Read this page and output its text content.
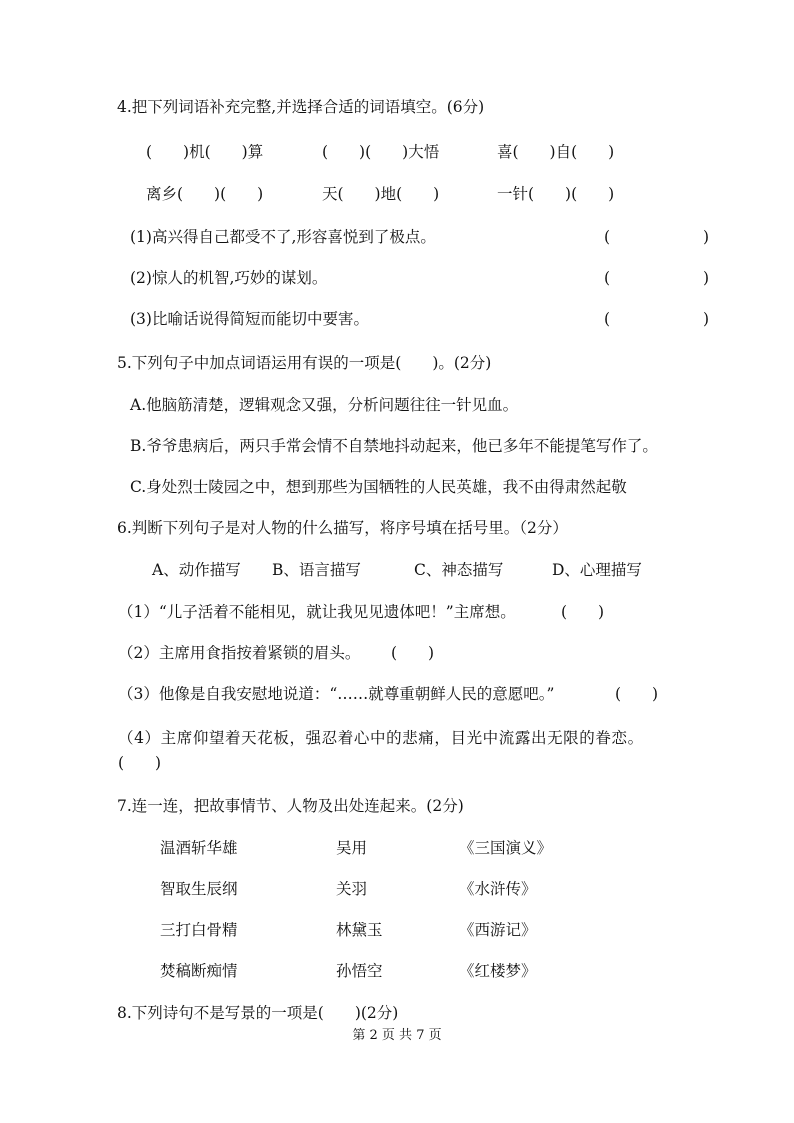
4.把下列词语补充完整,并选择合适的词语填空。(6分)
(  )机(  )算	(  )(  )大悟	喜(  )自(  )
离乡(  )(  )	天(  )地(  )	一针(  )(  )
(1)高兴得自己都受不了,形容喜悦到了极点。	(      )
(2)惊人的机智,巧妙的谋划。	(      )
(3)比喻话说得简短而能切中要害。	(      )
5.下列句子中加点词语运用有误的一项是(  )。(2分)
A.他脑筋清楚，逻辑观念又强，分析问题往往一针见血。
B.爷爷患病后，两只手常会情不自禁地抖动起来，他已多年不能提笔写作了。
C.身处烈士陵园之中，想到那些为国牺牲的人民英雄，我不由得肃然起敬
6.判断下列句子是对人物的什么描写，将序号填在括号里。（2分）
A、动作描写 B、语言描写	C、神态描写	D、心理描写
（1）“儿子活着不能相见，就让我见见遗体吧！”主席想。	(  )
（2）主席用食指按着紧锁的眉头。 (  )
（3）他像是自我安慰地说道：“……就尊重朝鲜人民的意愿吧。”	(  )
（4）主席仰望着天花板，强忍着心中的悲痛，目光中流露出无限的眷恋。
(  )
7.连一连，把故事情节、人物及出处连起来。(2分)
温酒斩华雄	吴用	《三国演义》
智取生辰纲	关羽	《水浒传》
三打白骨精	林黛玉	《西游记》
焚稿断痴情	孙悟空	《红楼梦》
8.下列诗句不是写景的一项是(  )(2分)
第 2 页 共 7 页
